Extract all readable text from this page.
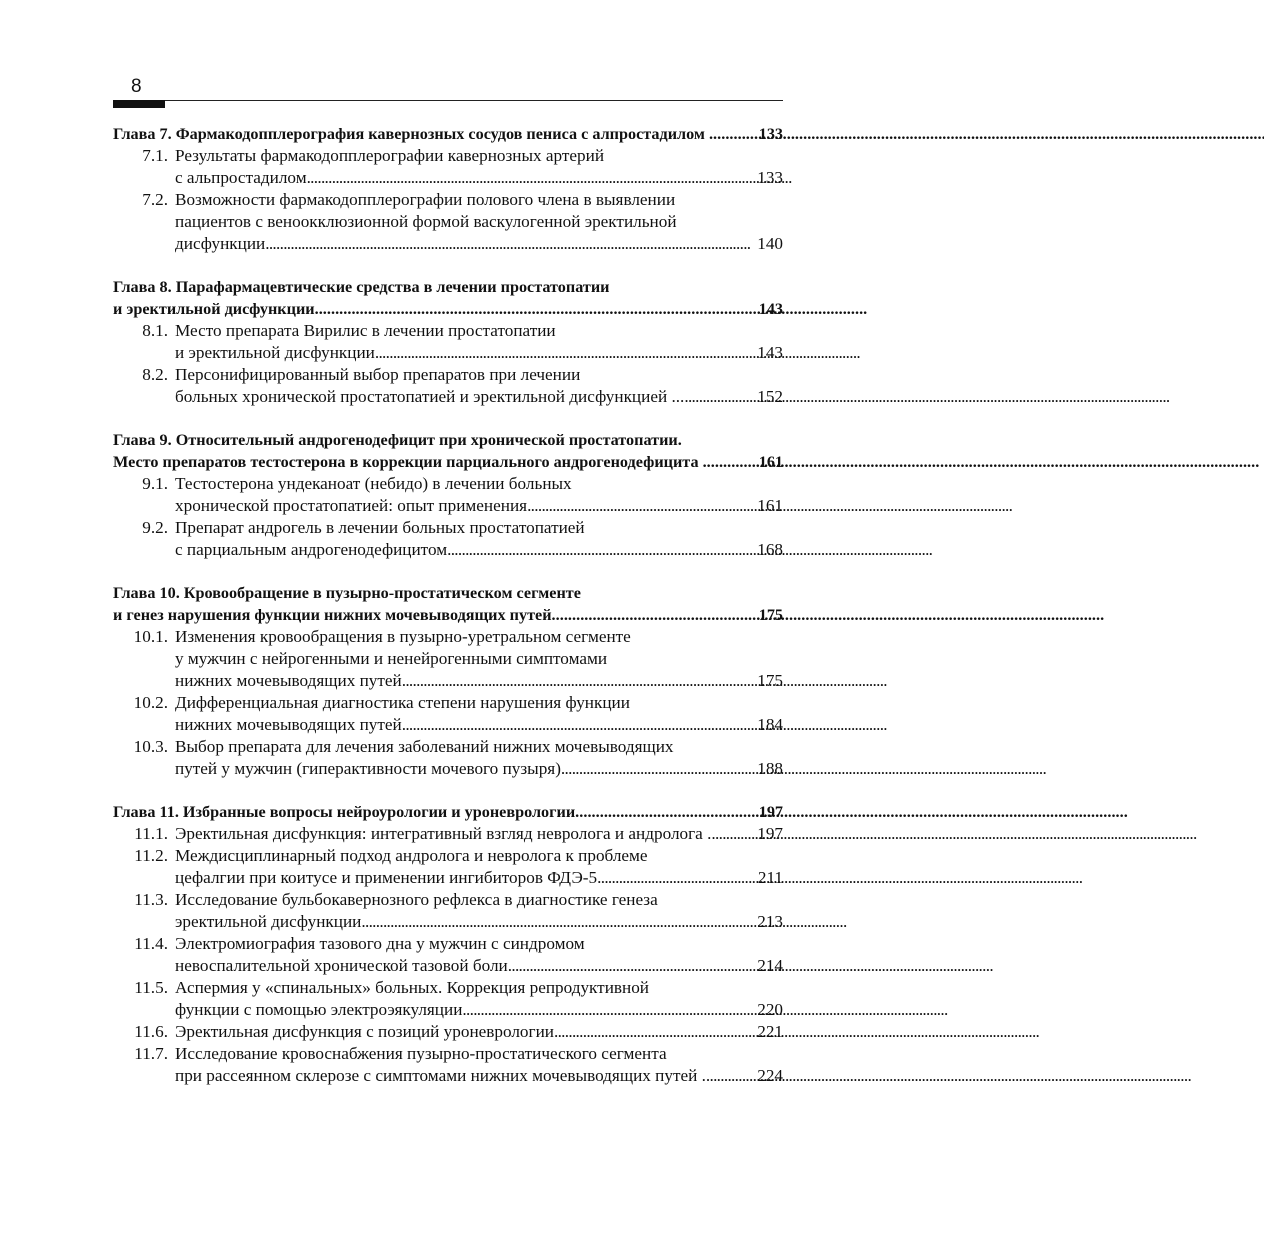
8
Глава 7. Фармакодопплерография кавернозных сосудов пениса с алпростадилом . . . .	133
7.1. Результаты фармакодопплерографии кавернозных артерий
с альпростадилом . . .	133
7.2. Возможности фармакодопплерографии полового члена в выявлении
пациентов с веноокклюзионной формой васкулогенной эректильной
дисфункции . . .	140
Глава 8. Парафармацевтические средства в лечении простатопатии
и эректильной дисфункции . . .	143
8.1. Место препарата Вирилис в лечении простатопатии
и эректильной дисфункции . . .	143
8.2. Персонифицированный выбор препаратов при лечении
больных хронической простатопатией и эректильной дисфункцией ... . . .	152
Глава 9. Относительный андрогенодефицит при хронической простатопатии.
Место препаратов тестостерона в коррекции парциального андрогенодефицита . . . .	161
9.1. Тестостерона ундеканоат (небидо) в лечении больных
хронической простатопатией: опыт применения . . .	161
9.2. Препарат андрогель в лечении больных простатопатией
с парциальным андрогенодефицитом . . .	168
Глава 10. Кровообращение в пузырно-простатическом сегменте
и генез нарушения функции нижних мочевыводящих путей . . .	175
10.1. Изменения кровообращения в пузырно-уретральном сегменте
у мужчин с нейрогенными и ненейрогенными симптомами
нижних мочевыводящих путей . . .	175
10.2. Дифференциальная диагностика степени нарушения функции
нижних мочевыводящих путей . . .	184
10.3. Выбор препарата для лечения заболеваний нижних мочевыводящих
путей у мужчин (гиперактивности мочевого пузыря) . . .	188
Глава 11. Избранные вопросы нейроурологии и уроневрологии . . .	197
11.1. Эректильная дисфункция: интегративный взгляд невролога и андролога . . . .	197
11.2. Междисциплинарный подход андролога и невролога к проблеме
цефалгии при коитусе и применении ингибиторов ФДЭ-5 . . .	211
11.3. Исследование бульбокавернозного рефлекса в диагностике генеза
эректильной дисфункции . . .	213
11.4. Электромиография тазового дна у мужчин с синдромом
невоспалительной хронической тазовой боли . . .	214
11.5. Аспермия у «спинальных» больных. Коррекция репродуктивной
функции с помощью электроэякуляции . . .	220
11.6. Эректильная дисфункция с позиций уроневрологии . . .	221
11.7. Исследование кровоснабжения пузырно-простатического сегмента
при рассеянном склерозе с симптомами нижних мочевыводящих путей . . . .	224
